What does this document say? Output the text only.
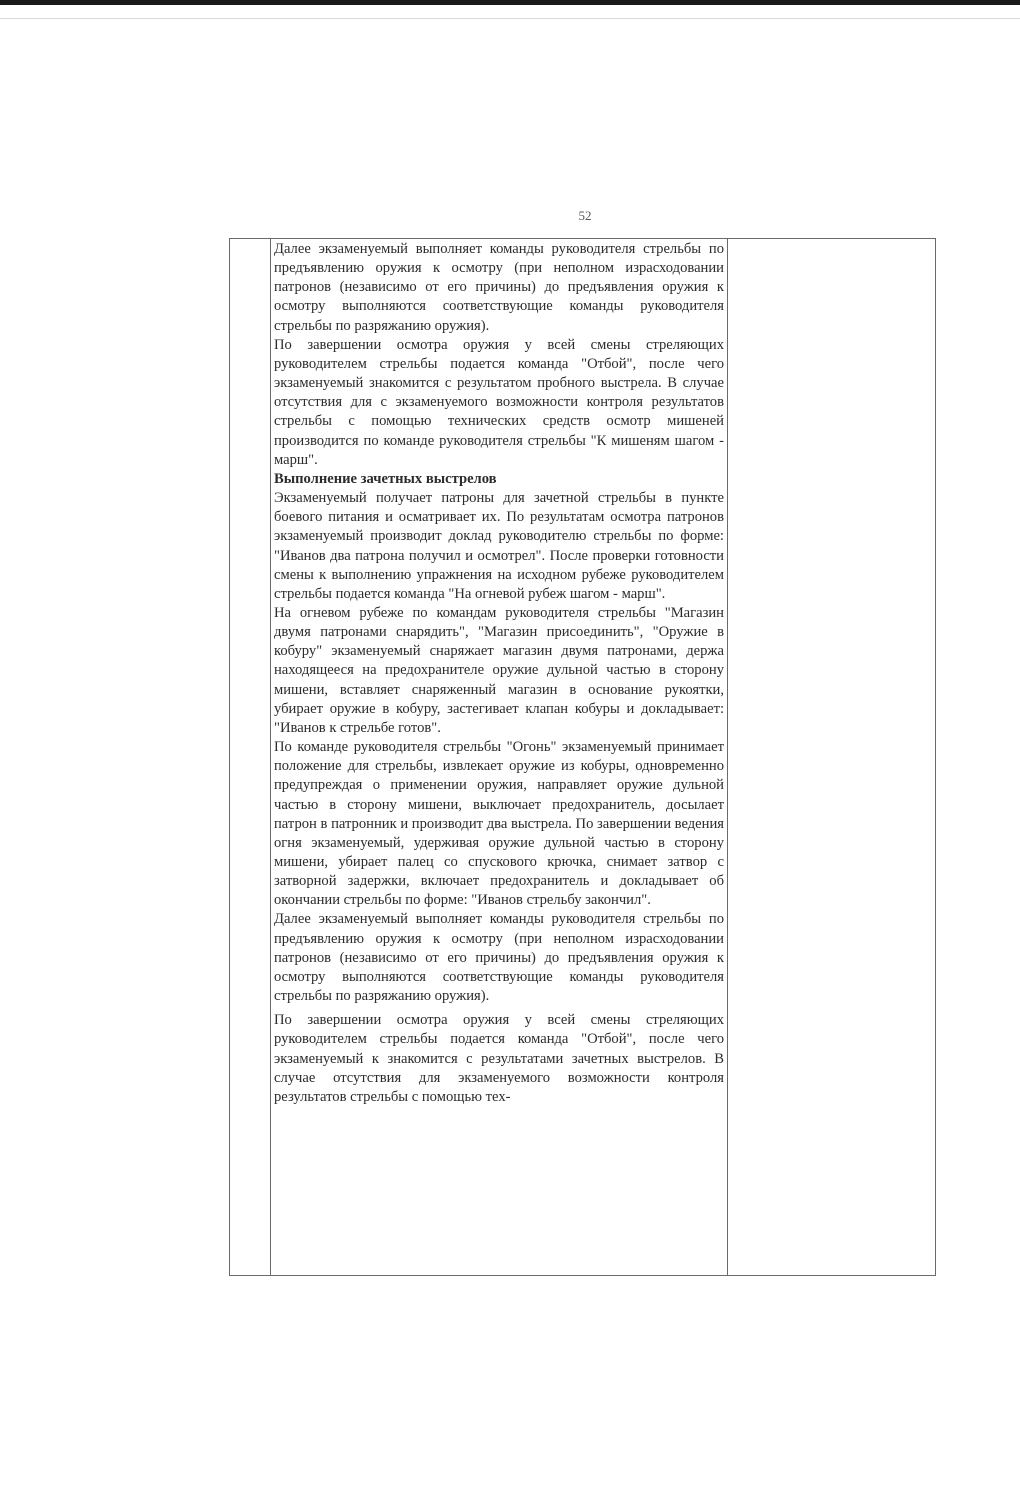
52

Далее экзаменуемый выполняет команды руководителя стрельбы по предъявлению оружия к осмотру (при неполном израсходовании патронов (независимо от его причины) до предъявления оружия к осмотру выполняются соответствующие команды руководителя стрельбы по разряжанию оружия).

По завершении осмотра оружия у всей смены стреляющих руководителем стрельбы подается команда "Отбой", после чего экзаменуемый знакомится с результатом пробного выстрела. В случае отсутствия для с экзаменуемого возможности контроля результатов стрельбы с помощью технических средств осмотр мишеней производится по команде руководителя стрельбы "К мишеням шагом - марш".

Выполнение зачетных выстрелов

Экзаменуемый получает патроны для зачетной стрельбы в пункте боевого питания и осматривает их. По результатам осмотра патронов экзаменуемый производит доклад руководителю стрельбы по форме: "Иванов два патрона получил и осмотрел". После проверки готовности смены к выполнению упражнения на исходном рубеже руководителем стрельбы подается команда "На огневой рубеж шагом - марш".

На огневом рубеже по командам руководителя стрельбы "Магазин двумя патронами снарядить", "Магазин присоединить", "Оружие в кобуру" экзаменуемый снаряжает магазин двумя патронами, держа находящееся на предохранителе оружие дульной частью в сторону мишени, вставляет снаряженный магазин в основание рукоятки, убирает оружие в кобуру, застегивает клапан кобуры и докладывает: "Иванов к стрельбе готов".

По команде руководителя стрельбы "Огонь" экзаменуемый принимает положение для стрельбы, извлекает оружие из кобуры, одновременно предупреждая о применении оружия, направляет оружие дульной частью в сторону мишени, выключает предохранитель, досылает патрон в патронник и производит два выстрела. По завершении ведения огня экзаменуемый, удерживая оружие дульной частью в сторону мишени, убирает палец со спускового крючка, снимает затвор с затворной задержки, включает предохранитель и докладывает об окончании стрельбы по форме: "Иванов стрельбу закончил".

Далее экзаменуемый выполняет команды руководителя стрельбы по предъявлению оружия к осмотру (при неполном израсходовании патронов (независимо от его причины) до предъявления оружия к осмотру выполняются соответствующие команды руководителя стрельбы по разряжанию оружия).

По завершении осмотра оружия у всей смены стреляющих руководителем стрельбы подается команда "Отбой", после чего экзаменуемый к знакомится с результатами зачетных выстрелов. В случае отсутствия для экзаменуемого возможности контроля результатов стрельбы с помощью тех-
